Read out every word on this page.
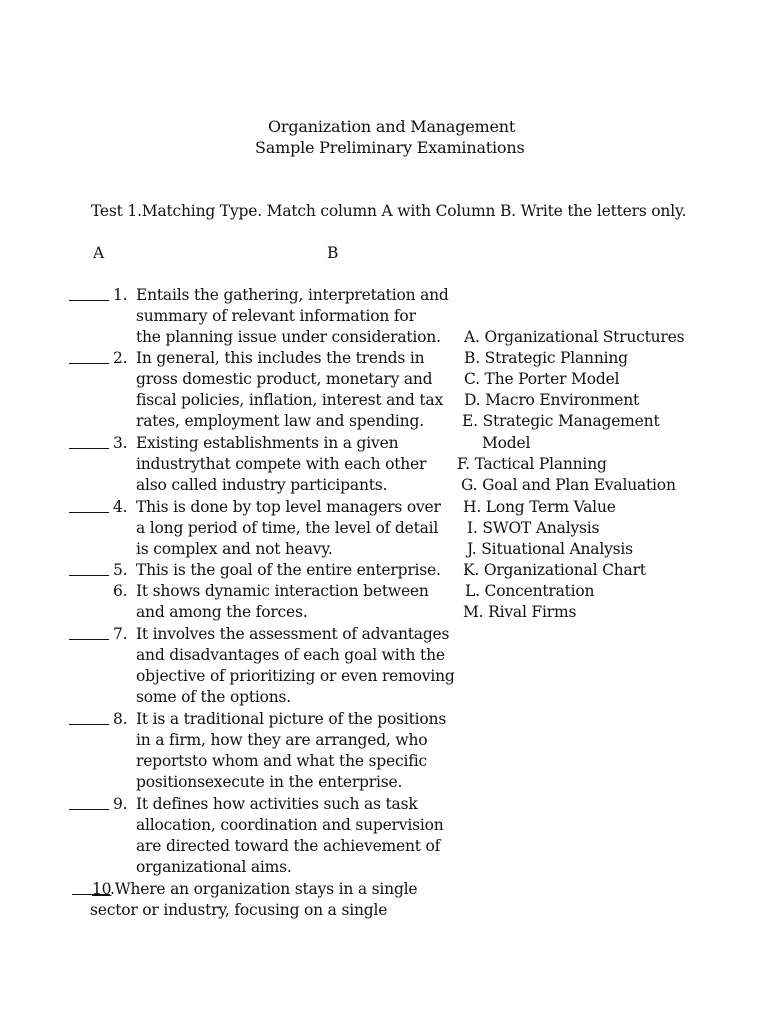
Organization and Management
Sample Preliminary Examinations
Test 1.Matching Type. Match column A with Column B. Write the letters only.
A	B
1. Entails the gathering, interpretation and
summary of relevant information for
the planning issue under consideration.
2. In general, this includes the trends in
gross domestic product, monetary and
fiscal policies, inflation, interest and tax
rates, employment law and spending.
3. Existing establishments in a given
industrythat compete with each other
also called industry participants.
4. This is done by top level managers over
a long period of time, the level of detail
is complex and not heavy.
5. This is the goal of the entire enterprise.
6. It shows dynamic interaction between
and among the forces.
7. It involves the assessment of advantages
and disadvantages of each goal with the
objective of prioritizing or even removing
some of the options.
8. It is a traditional picture of the positions
in a firm, how they are arranged, who
reportsto whom and what the specific
positionsexecute in the enterprise.
9. It defines how activities such as task
allocation, coordination and supervision
are directed toward the achievement of
organizational aims.
10
.Where an organization stays in a single
sector or industry, focusing on a single
A. Organizational Structures
B. Strategic Planning
C. The Porter Model
D. Macro Environment
E. Strategic Management
Model
F. Tactical Planning
G. Goal and Plan Evaluation
H. Long Term Value
I. SWOT Analysis
J. Situational Analysis
K. Organizational Chart
L. Concentration
M. Rival Firms
